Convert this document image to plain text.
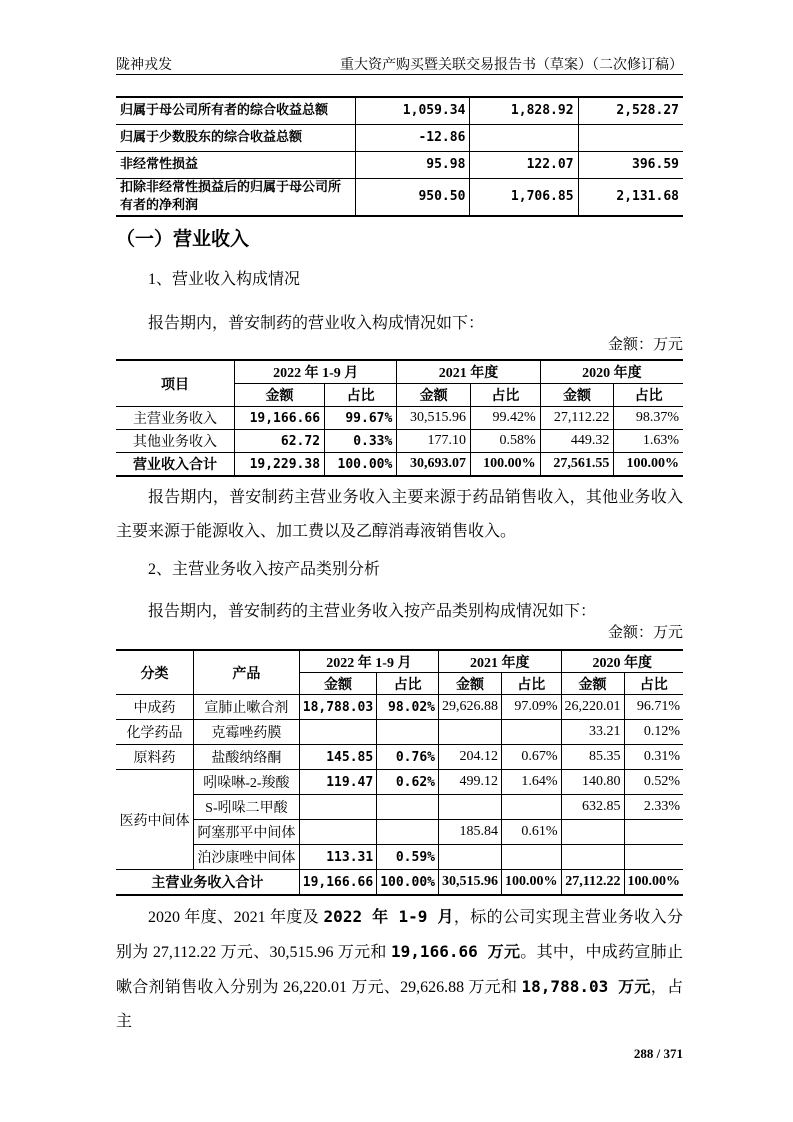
陇神戎发	重大资产购买暨关联交易报告书（草案）（二次修订稿）
归属于母公司所有者的综合收益总额	1,059.34	1,828.92	2,528.27
归属于少数股东的综合收益总额	-12.86		
非经常性损益	95.98	122.07	396.59
扣除非经常性损益后的归属于母公司所有者的净利润	950.50	1,706.85	2,131.68
（一）营业收入
1、营业收入构成情况
报告期内，普安制药的营业收入构成情况如下：
金额：万元
项目	2022 年 1-9 月		2021 年度		2020 年度	
	金额	占比	金额	占比	金额	占比
主营业务收入	19,166.66	99.67%	30,515.96	99.42%	27,112.22	98.37%
其他业务收入	62.72	0.33%	177.10	0.58%	449.32	1.63%
营业收入合计	19,229.38	100.00%	30,693.07	100.00%	27,561.55	100.00%
报告期内，普安制药主营业务收入主要来源于药品销售收入，其他业务收入主要来源于能源收入、加工费以及乙醇消毒液销售收入。
2、主营业务收入按产品类别分析
报告期内，普安制药的主营业务收入按产品类别构成情况如下：
金额：万元
分类	产品	2022 年 1-9 月		2021 年度		2020 年度	
		金额	占比	金额	占比	金额	占比
中成药	宣肺止嗽合剂	18,788.03	98.02%	29,626.88	97.09%	26,220.01	96.71%
化学药品	克霉唑药膜					33.21	0.12%
原料药	盐酸纳络酮	145.85	0.76%	204.12	0.67%	85.35	0.31%
医药中间体	吲哚啉-2-羧酸	119.47	0.62%	499.12	1.64%	140.80	0.52%
	S-吲哚二甲酸					632.85	2.33%
	阿塞那平中间体			185.84	0.61%		
	泊沙康唑中间体	113.31	0.59%				
主营业务收入合计		19,166.66	100.00%	30,515.96	100.00%	27,112.22	100.00%
2020 年度、2021 年度及 2022 年 1-9 月，标的公司实现主营业务收入分别为 27,112.22 万元、30,515.96 万元和 19,166.66 万元。其中，中成药宣肺止嗽合剂销售收入分别为 26,220.01 万元、29,626.88 万元和 18,788.03 万元，占主
288 / 371
